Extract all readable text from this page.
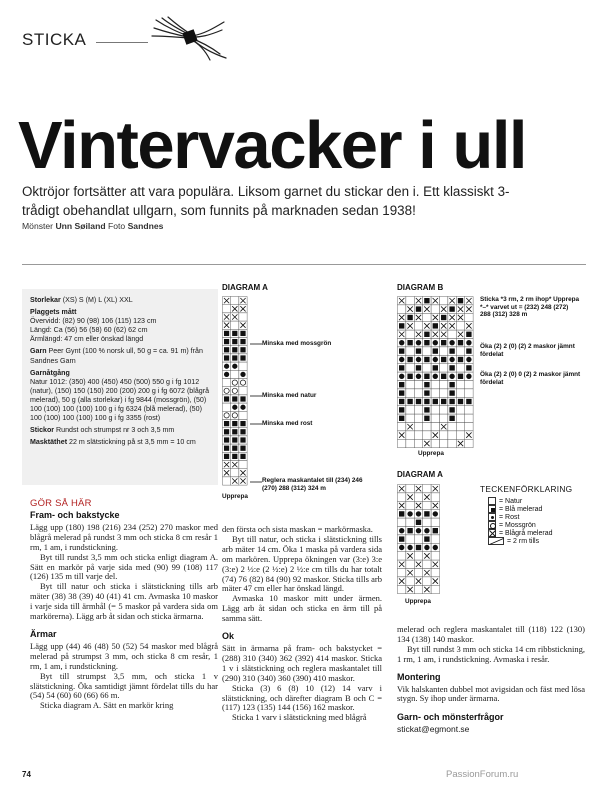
STICKA
Vintervacker i ull
Oktröjor fortsätter att vara populära. Liksom garnet du stickar den i. Ett klassiskt 3-trådigt obehandlat ullgarn, som funnits på marknaden sedan 1938!
Mönster Unn Søiland Foto Sandnes

Storlekar (XS) S (M) L (XL) XXL

Plaggets mått

Övervidd: (82) 90 (98) 106 (115) 123 cm

Längd: Ca (56) 56 (58) 60 (62) 62 cm

Ärmlängd: 47 cm eller önskad längd

Garn Peer Gynt (100 % norsk ull, 50 g = ca. 91 m) från Sandnes Garn

Garnåtgång

Natur 1012: (350) 400 (450) 450 (500) 550 g i fg 1012 (natur), (150) 150 (150) 200 (200) 200 g i fg 6072 (blågrå melerad), 50 g (alla storlekar) i fg 9844 (mossgrön), (50) 100 (100) 100 (100) 100 g i fg 6324 (blå melerad), (50) 100 (100) 100 (100) 100 g i fg 3355 (rost)

Stickor Rundst och strumpst nr 3 och 3,5 mm

Masktäthet 22 m slätstickning på st 3,5 mm = 10 cm

GÖR SÅ HÄR
Fram- och bakstycke

Lägg upp (180) 198 (216) 234 (252) 270 maskor med blågrå melerad på rundst 3 mm och sticka 8 cm resår 1 rm, 1 am, i rundstickning.

Byt till rundst 3,5 mm och sticka enligt diagram A. Sätt en markör på varje sida med (90) 99 (108) 117 (126) 135 m till varje del.

Byt till natur och sticka i slätstickning tills arb mäter (38) 38 (39) 40 (41) 41 cm. Avmaska 10 maskor i varje sida till ärmhål (= 5 maskor på vardera sida om markörerna). Lägg arb åt sidan och sticka ärmarna.

Ärmar

Lägg upp (44) 46 (48) 50 (52) 54 maskor med blågrå melerad på strumpst 3 mm, och sticka 8 cm resår, 1 rm, 1 am, i rundstickning.

Byt till strumpst 3,5 mm, och sticka 1 v slätstickning. Öka samtidigt jämnt fördelat tills du har (54) 54 (60) 60 (66) 66 m.

Sticka diagram A. Sätt en markör kring

den första och sista maskan = markörmaska.

Byt till natur, och sticka i slätstickning tills arb mäter 14 cm. Öka 1 maska på vardera sida om markören. Upprepa ökningen var (3:e) 3:e (3:e) 2 ½:e (2 ½:e) 2 ½:e cm tills du har totalt (74) 76 (82) 84 (90) 92 maskor. Sticka tills arb mäter 47 cm eller har önskad längd.

Avmaska 10 maskor mitt under ärmen. Lägg arb åt sidan och sticka en ärm till på samma sätt.

Ok

Sätt in ärmarna på fram- och bakstycket = (288) 310 (340) 362 (392) 414 maskor. Sticka 1 v i slätstickning och reglera maskantalet till (290) 310 (340) 360 (390) 410 maskor.

Sticka (3) 6 (8) 10 (12) 14 varv i slätstickning, och därefter diagram B och C = (117) 123 (135) 144 (156) 162 maskor.

Sticka 1 varv i slätstickning med blågrå

melerad och reglera maskantalet till (118) 122 (130) 134 (138) 140 maskor.

Byt till rundst 3 mm och sticka 14 cm ribbstickning, 1 rm, 1 am, i rundstickning. Avmaska i resår.

Montering

Vik halskanten dubbel mot avigsidan och fäst med lösa stygn. Sy ihop under ärmarna.

Garn- och mönsterfrågor

stickat@egmont.se

DIAGRAM A
Minska med mossgrön
Minska med natur
Minska med rost
Reglera maskantalet till (234) 246 (270) 288 (312) 324 m
Upprepa
DIAGRAM B
Sticka *3 rm, 2 rm ihop* Upprepa *–* varvet ut = (232) 248 (272) 288 (312) 328 m
Öka (2) 2 (0) (2) 2 maskor jämnt fördelat
Öka (2) 2 (0) 0 (2) 2 maskor jämnt fördelat
Upprepa
DIAGRAM A
Upprepa
TECKENFÖRKLARING
= Natur
= Blå melerad
= Rost
= Mossgrön
= Blågrå melerad
= 2 rm tills
74	PassionForum.ru
